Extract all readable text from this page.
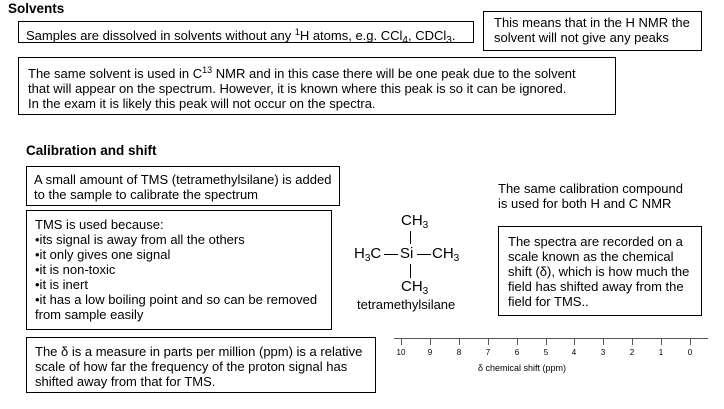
Solvents
Samples are dissolved in solvents without any $^1$H atoms, e.g. CCl$_4$, CDCl$_3$.
This means that in the H NMR the
solvent will not give any peaks
The same solvent is used in $C^{13}$ NMR and in this case there will be one peak due to the solvent
that will appear on the spectrum. However, it is known where this peak is so it can be ignored.
In the exam it is likely this peak will not occur on the spectra.
Calibration and shift
A small amount of TMS (tetramethylsilane) is added
to the sample to calibrate the spectrum
TMS is used because:
•its signal is away from all the others
•it only gives one signal
•it is non-toxic
•it is inert
•it has a low boiling point and so can be removed
from sample easily
The δ is a measure in parts per million (ppm) is a relative
scale of how far the frequency of the proton signal has
shifted away from that for TMS.
The same calibration compound
is used for both H and C NMR
The spectra are recorded on a
scale known as the chemical
shift (δ), which is how much the
field has shifted away from the
field for TMS..
$CH_3$
$H_3C$ Si $CH_3$
$CH_3$
tetramethylsilane
10	9	8	7	6	5	4	3	2	1	0
δ chemical shift (ppm)
